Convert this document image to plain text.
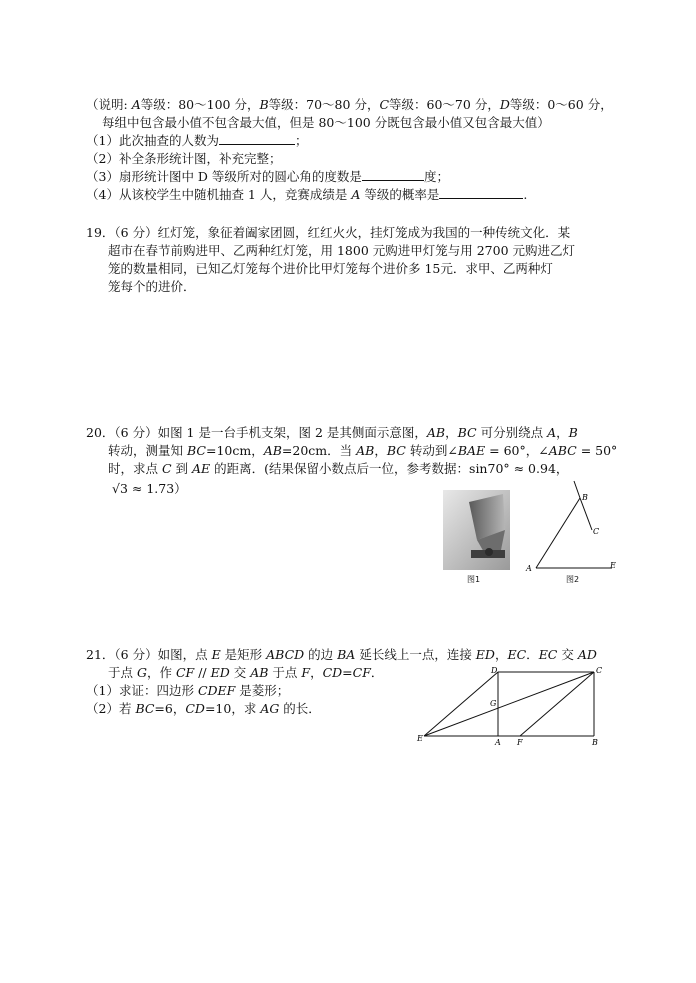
（说明: A等级：80～100 分，B等级：70～80 分，C等级：60～70 分，D等级：0～60 分，
每组中包含最小值不包含最大值，但是 80～100 分既包含最小值又包含最大值）
（1）此次抽查的人数为	；
（2）补全条形统计图，补充完整；
（3）扇形统计图中 D 等级所对的圆心角的度数是	度；
（4）从该校学生中随机抽查 1 人，竞赛成绩是 A 等级的概率是	.
19．（6 分）红灯笼，象征着阖家团圆，红红火火，挂灯笼成为我国的一种传统文化．某
超市在春节前购进甲、乙两种红灯笼，用 1800 元购进甲灯笼与用 2700 元购进乙灯
笼的数量相同，已知乙灯笼每个进价比甲灯笼每个进价多 15元．求甲、乙两种灯
笼每个的进价．
20．（6 分）如图 1 是一台手机支架，图 2 是其侧面示意图，AB，BC 可分别绕点 A，B
转动，测量知 BC=10cm，AB=20cm．当 AB，BC 转动到∠BAE = 60°，∠ABC = 50°
时，求点 C 到 AE 的距离．(结果保留小数点后一位，参考数据：sin70° ≈ 0.94，
√3 ≈ 1.73）
图1
A
B
C
E
图2
21．（6 分）如图，点 E 是矩形 ABCD 的边 BA 延长线上一点，连接 ED，EC．EC 交 AD
于点 G，作 CF // ED 交 AB 于点 F，CD=CF．
（1）求证：四边形 CDEF 是菱形；
（2）若 BC=6，CD=10，求 AG 的长．
D	C
G
E	A F	B
